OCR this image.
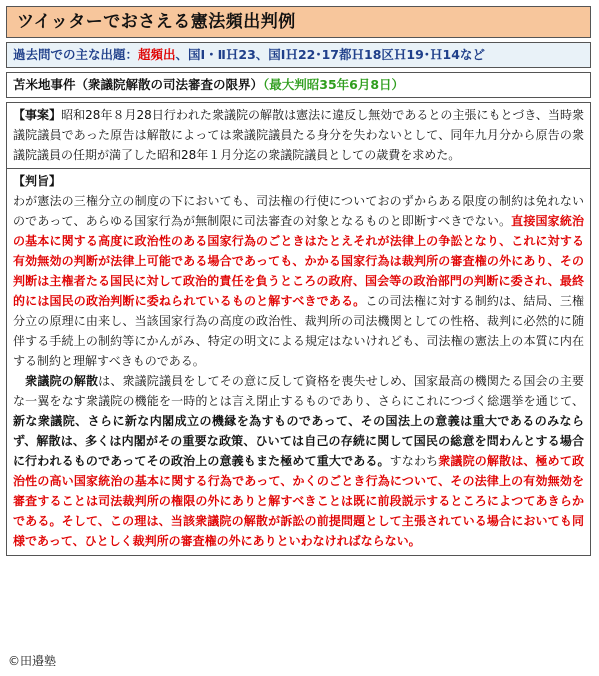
ツイッターでおさえる憲法頻出判例
過去問での主な出題：超頻出、国Ⅰ・ⅡＨ23、国ⅠＨ22･17都Ｈ18区Ｈ19･Ｈ14など
苫米地事件（衆議院解散の司法審査の限界）（最大判昭35年6月8日）
【事案】昭和28年８月28日行われた衆議院の解散は憲法に違反し無効であるとの主張にもとづき、当時衆議院議員であった原告は解散によっては衆議院議員たる身分を失わないとして、同年九月分から原告の衆議院議員の任期が満了した昭和28年１月分迄の衆議院議員としての歳費を求めた。
【判旨】
わが憲法の三権分立の制度の下においても、司法権の行使についておのずからある限度の制約は免れないのであって、あらゆる国家行為が無制限に司法審査の対象となるものと即断すべきでない。直接国家統治の基本に関する高度に政治性のある国家行為のごときはたとえそれが法律上の争訟となり、これに対する有効無効の判断が法律上可能である場合であっても、かかる国家行為は裁判所の審査権の外にあり、その判断は主権者たる国民に対して政治的責任を負うところの政府、国会等の政治部門の判断に委され、最終的には国民の政治判断に委ねられているものと解すべきである。この司法権に対する制約は、結局、三権分立の原理に由来し、当該国家行為の高度の政治性、裁判所の司法機関としての性格、裁判に必然的に随伴する手続上の制約等にかんがみ、特定の明文による規定はないけれども、司法権の憲法上の本質に内在する制約と理解すべきものである。
　衆議院の解散は、衆議院議員をしてその意に反して資格を喪失せしめ、国家最高の機関たる国会の主要な一翼をなす衆議院の機能を一時的とは言え閉止するものであり、さらにこれにつづく総選挙を通じて、新な衆議院、さらに新な内閣成立の機縁を為すものであって、その国法上の意義は重大であるのみならず、解散は、多くは内閣がその重要な政策、ひいては自己の存続に関して国民の総意を問わんとする場合に行われるものであってその政治上の意義もまた極めて重大である。すなわち衆議院の解散は、極めて政治性の高い国家統治の基本に関する行為であって、かくのごとき行為について、その法律上の有効無効を審査することは司法裁判所の権限の外にありと解すべきことは既に前段説示するところによつてあきらかである。そして、この理は、当該衆議院の解散が訴訟の前提問題として主張されている場合においても同様であって、ひとしく裁判所の審査権の外にありといわなければならない。
©田邉塾
